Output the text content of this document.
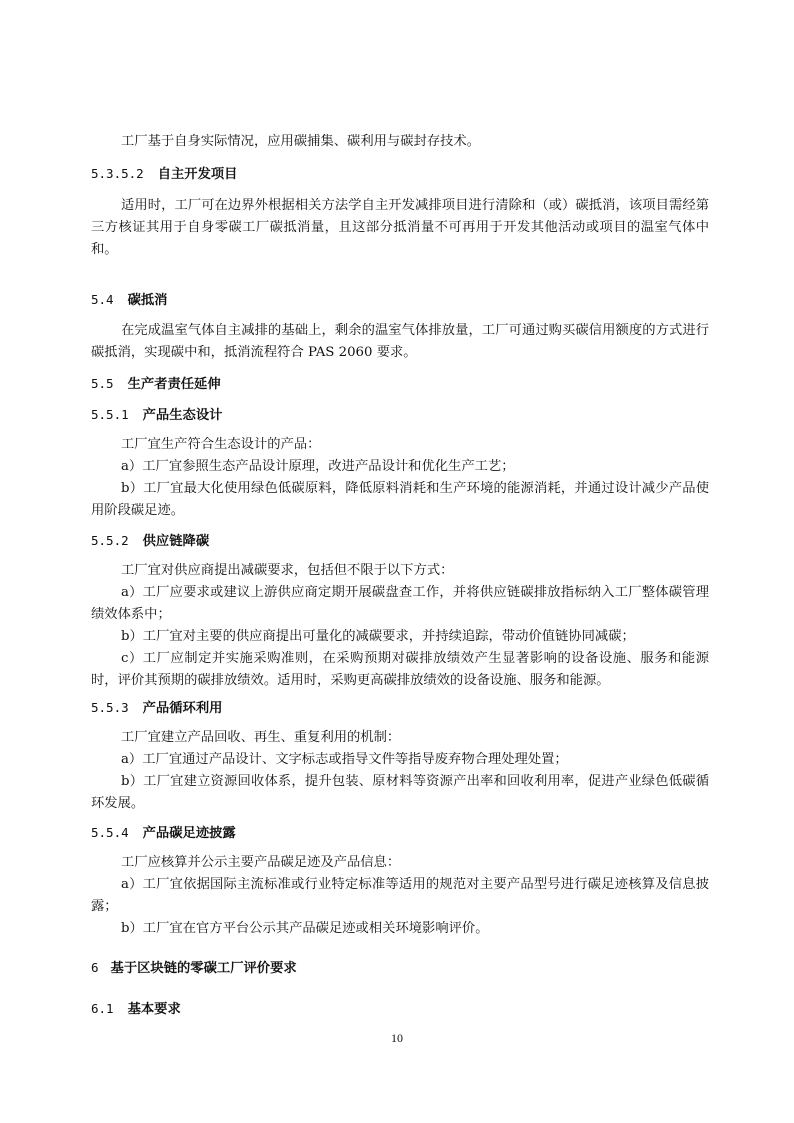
工厂基于自身实际情况，应用碳捕集、碳利用与碳封存技术。
5.3.5.2 自主开发项目
适用时，工厂可在边界外根据相关方法学自主开发减排项目进行清除和（或）碳抵消，该项目需经第三方核证其用于自身零碳工厂碳抵消量，且这部分抵消量不可再用于开发其他活动或项目的温室气体中和。
5.4 碳抵消
在完成温室气体自主减排的基础上，剩余的温室气体排放量，工厂可通过购买碳信用额度的方式进行碳抵消，实现碳中和，抵消流程符合 PAS 2060 要求。
5.5 生产者责任延伸
5.5.1 产品生态设计
工厂宜生产符合生态设计的产品：
a）工厂宜参照生态产品设计原理，改进产品设计和优化生产工艺；
b）工厂宜最大化使用绿色低碳原料，降低原料消耗和生产环境的能源消耗，并通过设计减少产品使用阶段碳足迹。
5.5.2 供应链降碳
工厂宜对供应商提出减碳要求，包括但不限于以下方式：
a）工厂应要求或建议上游供应商定期开展碳盘查工作，并将供应链碳排放指标纳入工厂整体碳管理绩效体系中；
b）工厂宜对主要的供应商提出可量化的减碳要求，并持续追踪，带动价值链协同减碳；
c）工厂应制定并实施采购准则，在采购预期对碳排放绩效产生显著影响的设备设施、服务和能源时，评价其预期的碳排放绩效。适用时，采购更高碳排放绩效的设备设施、服务和能源。
5.5.3 产品循环利用
工厂宜建立产品回收、再生、重复利用的机制：
a）工厂宜通过产品设计、文字标志或指导文件等指导废弃物合理处理处置；
b）工厂宜建立资源回收体系，提升包装、原材料等资源产出率和回收利用率，促进产业绿色低碳循环发展。
5.5.4 产品碳足迹披露
工厂应核算并公示主要产品碳足迹及产品信息：
a）工厂宜依据国际主流标准或行业特定标准等适用的规范对主要产品型号进行碳足迹核算及信息披露；
b）工厂宜在官方平台公示其产品碳足迹或相关环境影响评价。
6 基于区块链的零碳工厂评价要求
6.1 基本要求
10
